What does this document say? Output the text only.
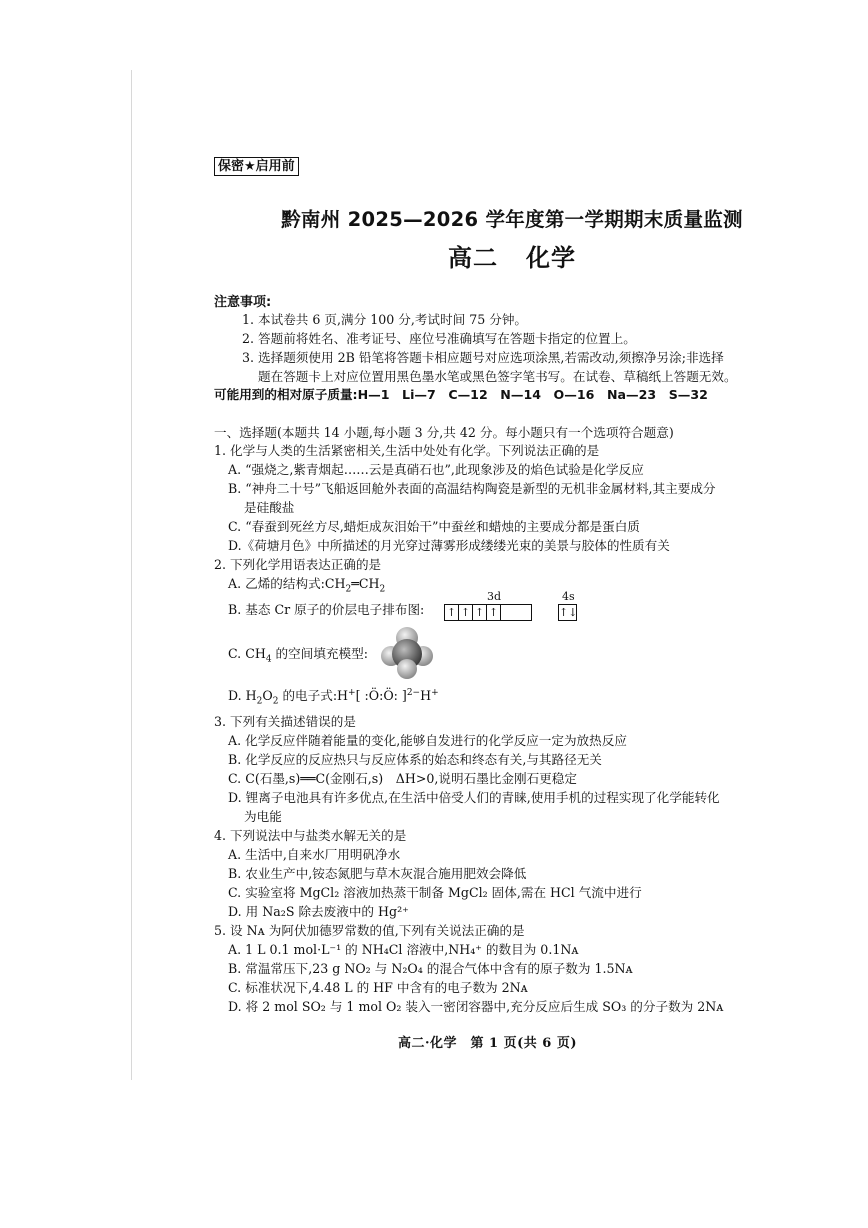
保密★启用前
黔南州 2025—2026 学年度第一学期期末质量监测
高二 化学
注意事项:
1. 本试卷共 6 页,满分 100 分,考试时间 75 分钟。
2. 答题前将姓名、准考证号、座位号准确填写在答题卡指定的位置上。
3. 选择题须使用 2B 铅笔将答题卡相应题号对应选项涂黑,若需改动,须擦净另涂;非选择
题在答题卡上对应位置用黑色墨水笔或黑色签字笔书写。在试卷、草稿纸上答题无效。
可能用到的相对原子质量:H—1　Li—7　C—12　N—14　O—16　Na—23　S—32
一、选择题(本题共 14 小题,每小题 3 分,共 42 分。每小题只有一个选项符合题意)
1. 化学与人类的生活紧密相关,生活中处处有化学。下列说法正确的是
A. “强烧之,紫青烟起……云是真硝石也”,此现象涉及的焰色试验是化学反应
B. “神舟二十号”飞船返回舱外表面的高温结构陶瓷是新型的无机非金属材料,其主要成分
是硅酸盐
C. “春蚕到死丝方尽,蜡炬成灰泪始干”中蚕丝和蜡烛的主要成分都是蛋白质
D.《荷塘月色》中所描述的月光穿过薄雾形成缕缕光束的美景与胶体的性质有关
2. 下列化学用语表达正确的是
A. 乙烯的结构式$:CH_2═CH_2$
3d	4s
B. 基态 Cr 原子的价层电子排布图: ↑ ↑ ↑ ↑	↑↓
C. $CH_4$ 的空间填充模型:
D. $H_2O_2$ 的电子式:H+[ :Ö:Ö: ]$^{2-}$H+
3. 下列有关描述错误的是
A. 化学反应伴随着能量的变化,能够自发进行的化学反应一定为放热反应
B. 化学反应的反应热只与反应体系的始态和终态有关,与其路径无关
C. C(石墨,s)══C(金刚石,s)　ΔH>0,说明石墨比金刚石更稳定
D. 锂离子电池具有许多优点,在生活中倍受人们的青睐,使用手机的过程实现了化学能转化
为电能
4. 下列说法中与盐类水解无关的是
A. 生活中,自来水厂用明矾净水
B. 农业生产中,铵态氮肥与草木灰混合施用肥效会降低
C. 实验室将 MgCl₂ 溶液加热蒸干制备 MgCl₂ 固体,需在 HCl 气流中进行
D. 用 Na₂S 除去废液中的 Hg²⁺
5. 设 Nᴀ 为阿伏加德罗常数的值,下列有关说法正确的是
A. 1 L 0.1 mol·L⁻¹ 的 NH₄Cl 溶液中,NH₄⁺ 的数目为 0.1Nᴀ
B. 常温常压下,23 g NO₂ 与 N₂O₄ 的混合气体中含有的原子数为 1.5Nᴀ
C. 标准状况下,4.48 L 的 HF 中含有的电子数为 2Nᴀ
D. 将 2 mol SO₂ 与 1 mol O₂ 装入一密闭容器中,充分反应后生成 SO₃ 的分子数为 2Nᴀ
高二·化学　第 1 页(共 6 页)
